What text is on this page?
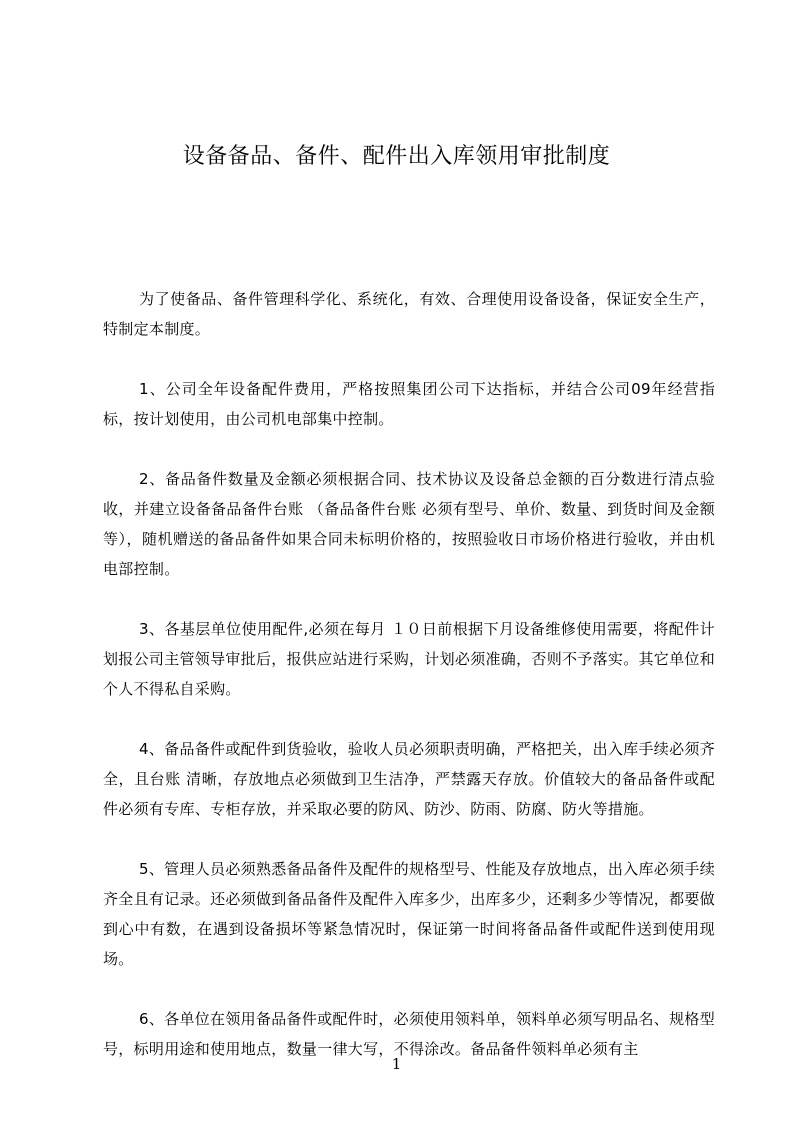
设备备品、备件、配件出入库领用审批制度

为了使备品、备件管理科学化、系统化，有效、合理使用设备设备，保证安全生产，特制定本制度。

1、公司全年设备配件费用，严格按照集团公司下达指标，并结合公司09年经营指标，按计划使用，由公司机电部集中控制。

2、备品备件数量及金额必须根据合同、技术协议及设备总金额的百分数进行清点验收，并建立设备备品备件台账 （备品备件台账 必须有型号、单价、数量、到货时间及金额等），随机赠送的备品备件如果合同未标明价格的，按照验收日市场价格进行验收，并由机电部控制。

3、各基层单位使用配件,必须在每月 １０日前根据下月设备维修使用需要，将配件计划报公司主管领导审批后，报供应站进行采购，计划必须准确，否则不予落实。其它单位和个人不得私自采购。

4、备品备件或配件到货验收，验收人员必须职责明确，严格把关，出入库手续必须齐全，且台账 清晰，存放地点必须做到卫生洁净，严禁露天存放。价值较大的备品备件或配件必须有专库、专柜存放，并采取必要的防风、防沙、防雨、防腐、防火等措施。

5、管理人员必须熟悉备品备件及配件的规格型号、性能及存放地点，出入库必须手续齐全且有记录。还必须做到备品备件及配件入库多少，出库多少，还剩多少等情况，都要做到心中有数，在遇到设备损坏等紧急情况时，保证第一时间将备品备件或配件送到使用现场。

6、各单位在领用备品备件或配件时，必须使用领料单，领料单必须写明品名、规格型号，标明用途和使用地点，数量一律大写，不得涂改。备品备件领料单必须有主

1
